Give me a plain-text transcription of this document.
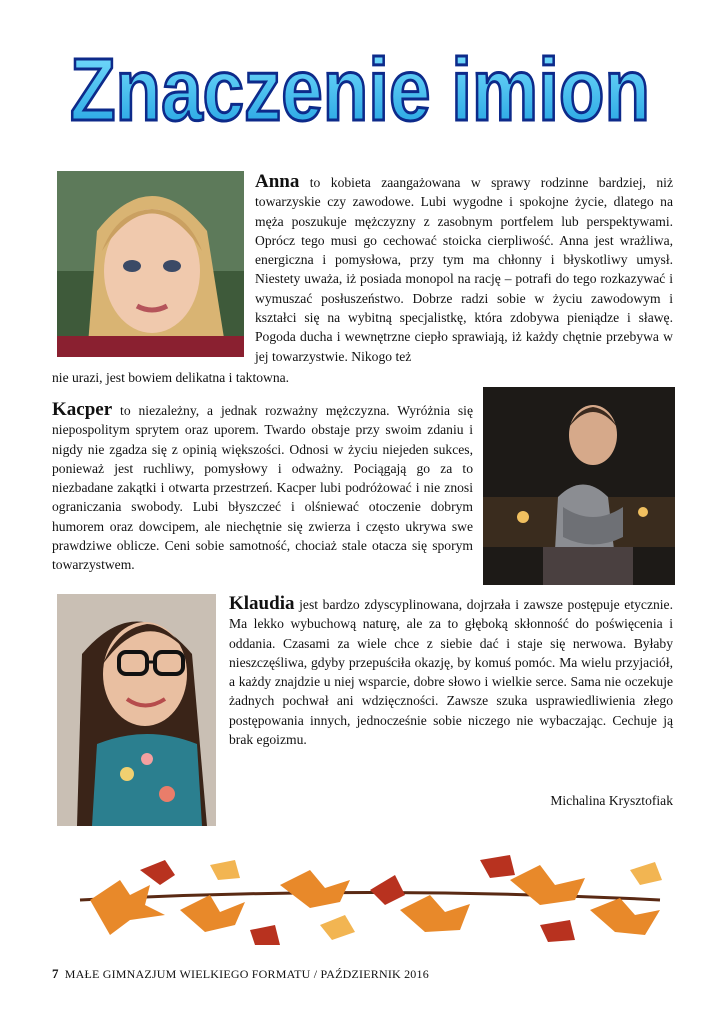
Znaczenie imion

Anna to kobieta zaangażowana w sprawy rodzinne bardziej, niż towarzyskie czy zawodowe. Lubi wygodne i spokojne życie, dlatego na męża poszukuje mężczyzny z zasobnym portfelem lub perspektywami. Oprócz tego musi go cechować stoicka cierpliwość. Anna jest wrażliwa, energiczna i pomysłowa, przy tym ma chłonny i błyskotliwy umysł. Niestety uważa, iż posiada monopol na rację – potrafi do tego rozkazywać i wymuszać posłuszeństwo. Dobrze radzi sobie w życiu zawodowym i kształci się na wybitną specjalistkę, która zdobywa pieniądze i sławę. Pogoda ducha i wewnętrzne ciepło sprawiają, iż każdy chętnie przebywa w jej towarzystwie. Nikogo też

nie urazi, jest bowiem delikatna i taktowna.

Kacper to niezależny, a jednak rozważny mężczyzna. Wyróżnia się niepospolitym sprytem oraz uporem. Twardo obstaje przy swoim zdaniu i nigdy nie zgadza się z opinią większości. Odnosi w życiu niejeden sukces, ponieważ jest ruchliwy, pomysłowy i odważny. Pociągają go za to niezbadane zakątki i otwarta przestrzeń. Kacper lubi podróżować i nie znosi ograniczania swobody. Lubi błyszczeć i olśniewać otoczenie dobrym humorem oraz dowcipem, ale niechętnie się zwierza i często ukrywa swe prawdziwe oblicze. Ceni sobie samotność, chociaż stale otacza się sporym towarzystwem.

Klaudia jest bardzo zdyscyplinowana, dojrzała i zawsze postępuje etycznie. Ma lekko wybuchową naturę, ale za to głęboką skłonność do poświęcenia i oddania. Czasami za wiele chce z siebie dać i staje się nerwowa. Byłaby nieszczęśliwa, gdyby przepuściła okazję, by komuś pomóc. Ma wielu przyjaciół, a każdy znajdzie u niej wsparcie, dobre słowo i wielkie serce. Sama nie oczekuje żadnych pochwał ani wdzięczności. Zawsze szuka usprawiedliwienia złego postępowania innych, jednocześnie sobie niczego nie wybaczając. Cechuje ją brak egoizmu.

Michalina Krysztofiak
7 MAŁE GIMNAZJUM WIELKIEGO FORMATU / PAŹDZIERNIK 2016
